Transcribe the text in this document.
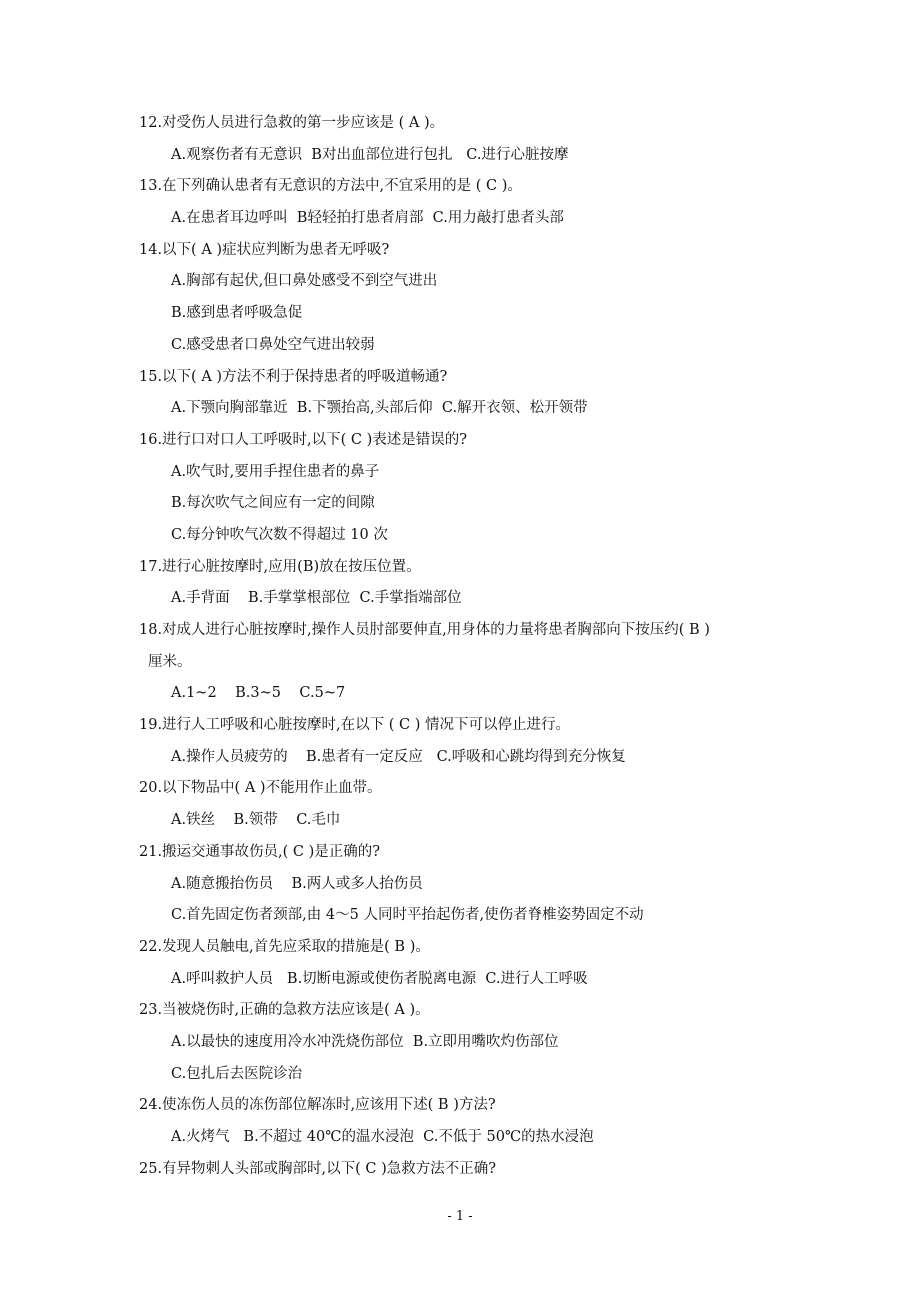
12.对受伤人员进行急救的第一步应该是 ( A )。
A.观察伤者有无意识  B对出血部位进行包扎   C.进行心脏按摩
13.在下列确认患者有无意识的方法中,不宜采用的是 ( C )。
A.在患者耳边呼叫  B轻轻拍打患者肩部  C.用力敲打患者头部
14.以下( A )症状应判断为患者无呼吸?
A.胸部有起伏,但口鼻处感受不到空气进出
B.感到患者呼吸急促
C.感受患者口鼻处空气进出较弱
15.以下( A )方法不利于保持患者的呼吸道畅通?
A.下颚向胸部靠近  B.下颚抬高,头部后仰  C.解开衣领、松开领带
16.进行口对口人工呼吸时,以下( C )表述是错误的?
A.吹气时,要用手捏住患者的鼻子
B.每次吹气之间应有一定的间隙
C.每分钟吹气次数不得超过 10 次
17.进行心脏按摩时,应用(B)放在按压位置。
A.手背面    B.手掌掌根部位  C.手掌指端部位
18.对成人进行心脏按摩时,操作人员肘部要伸直,用身体的力量将患者胸部向下按压约( B )
厘米。
A.1~2    B.3~5    C.5~7
19.进行人工呼吸和心脏按摩时,在以下 ( C ) 情况下可以停止进行。
A.操作人员疲劳的    B.患者有一定反应   C.呼吸和心跳均得到充分恢复
20.以下物品中( A )不能用作止血带。
A.铁丝    B.领带    C.毛巾
21.搬运交通事故伤员,( C )是正确的?
A.随意搬抬伤员    B.两人或多人抬伤员
C.首先固定伤者颈部,由 4～5 人同时平抬起伤者,使伤者脊椎姿势固定不动
22.发现人员触电,首先应采取的措施是( B )。
A.呼叫救护人员   B.切断电源或使伤者脱离电源  C.进行人工呼吸
23.当被烧伤时,正确的急救方法应该是( A )。
A.以最快的速度用冷水冲洗烧伤部位  B.立即用嘴吹灼伤部位
C.包扎后去医院诊治
24.使冻伤人员的冻伤部位解冻时,应该用下述( B )方法?
A.火烤气   B.不超过 40℃的温水浸泡  C.不低于 50℃的热水浸泡
25.有异物刺人头部或胸部时,以下( C )急救方法不正确?
- 1 -
